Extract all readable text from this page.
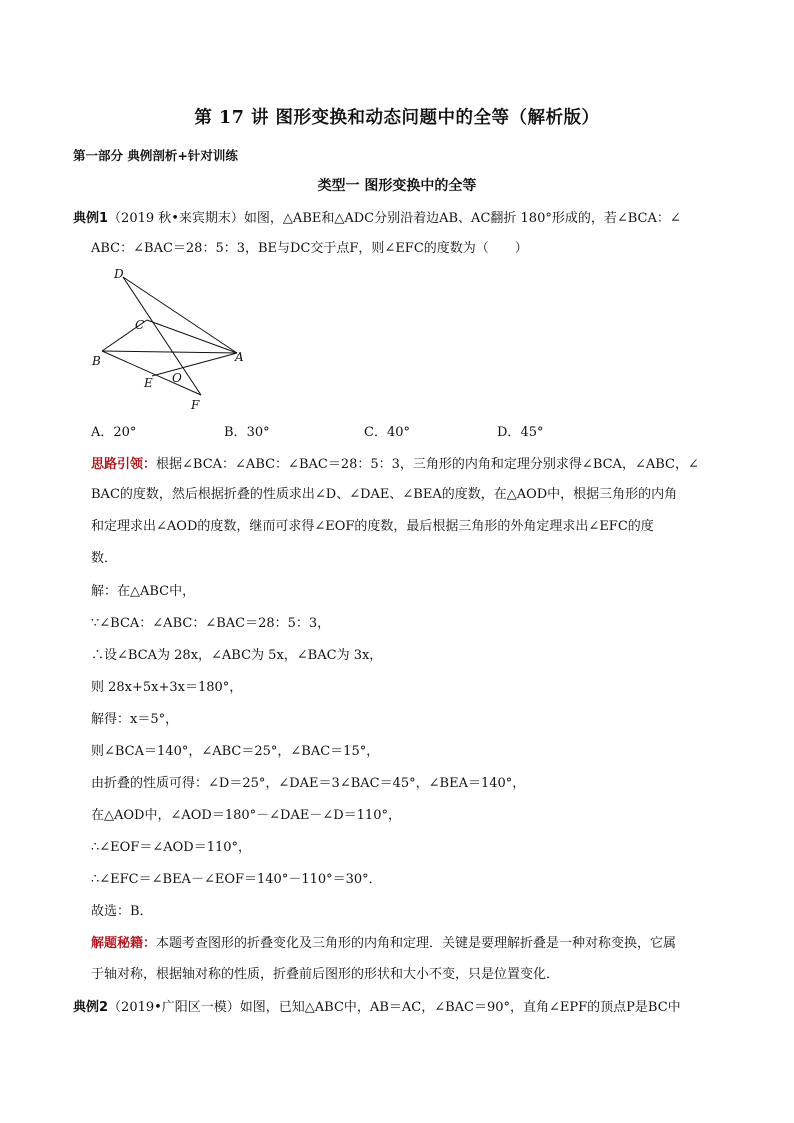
第 17 讲 图形变换和动态问题中的全等（解析版）
第一部分 典例剖析+针对训练
类型一 图形变换中的全等
典例1（2019 秋•来宾期末）如图，△ABE和△ADC分别沿着边AB、AC翻折 180°形成的，若∠BCA：∠
ABC：∠BAC＝28：5：3，BE与DC交于点F，则∠EFC的度数为（　　）
D
C
B	A
E O
F
A．20°	B．30°	C．40°	D．45°
思路引领：根据∠BCA：∠ABC：∠BAC＝28：5：3，三角形的内角和定理分别求得∠BCA，∠ABC，∠
BAC的度数，然后根据折叠的性质求出∠D、∠DAE、∠BEA的度数，在△AOD中，根据三角形的内角
和定理求出∠AOD的度数，继而可求得∠EOF的度数，最后根据三角形的外角定理求出∠EFC的度
数．
解：在△ABC中，
∵∠BCA：∠ABC：∠BAC＝28：5：3，
∴设∠BCA为 28x，∠ABC为 5x，∠BAC为 3x，
则 28x+5x+3x＝180°，
解得：x＝5°，
则∠BCA＝140°，∠ABC＝25°，∠BAC＝15°，
由折叠的性质可得：∠D＝25°，∠DAE＝3∠BAC＝45°，∠BEA＝140°，
在△AOD中，∠AOD＝180°－∠DAE－∠D＝110°，
∴∠EOF＝∠AOD＝110°，
∴∠EFC＝∠BEA－∠EOF＝140°－110°＝30°．
故选：B．
解题秘籍：本题考查图形的折叠变化及三角形的内角和定理．关键是要理解折叠是一种对称变换，它属
于轴对称，根据轴对称的性质，折叠前后图形的形状和大小不变，只是位置变化．
典例2（2019•广阳区一模）如图，已知△ABC中，AB＝AC，∠BAC＝90°，直角∠EPF的顶点P是BC中
